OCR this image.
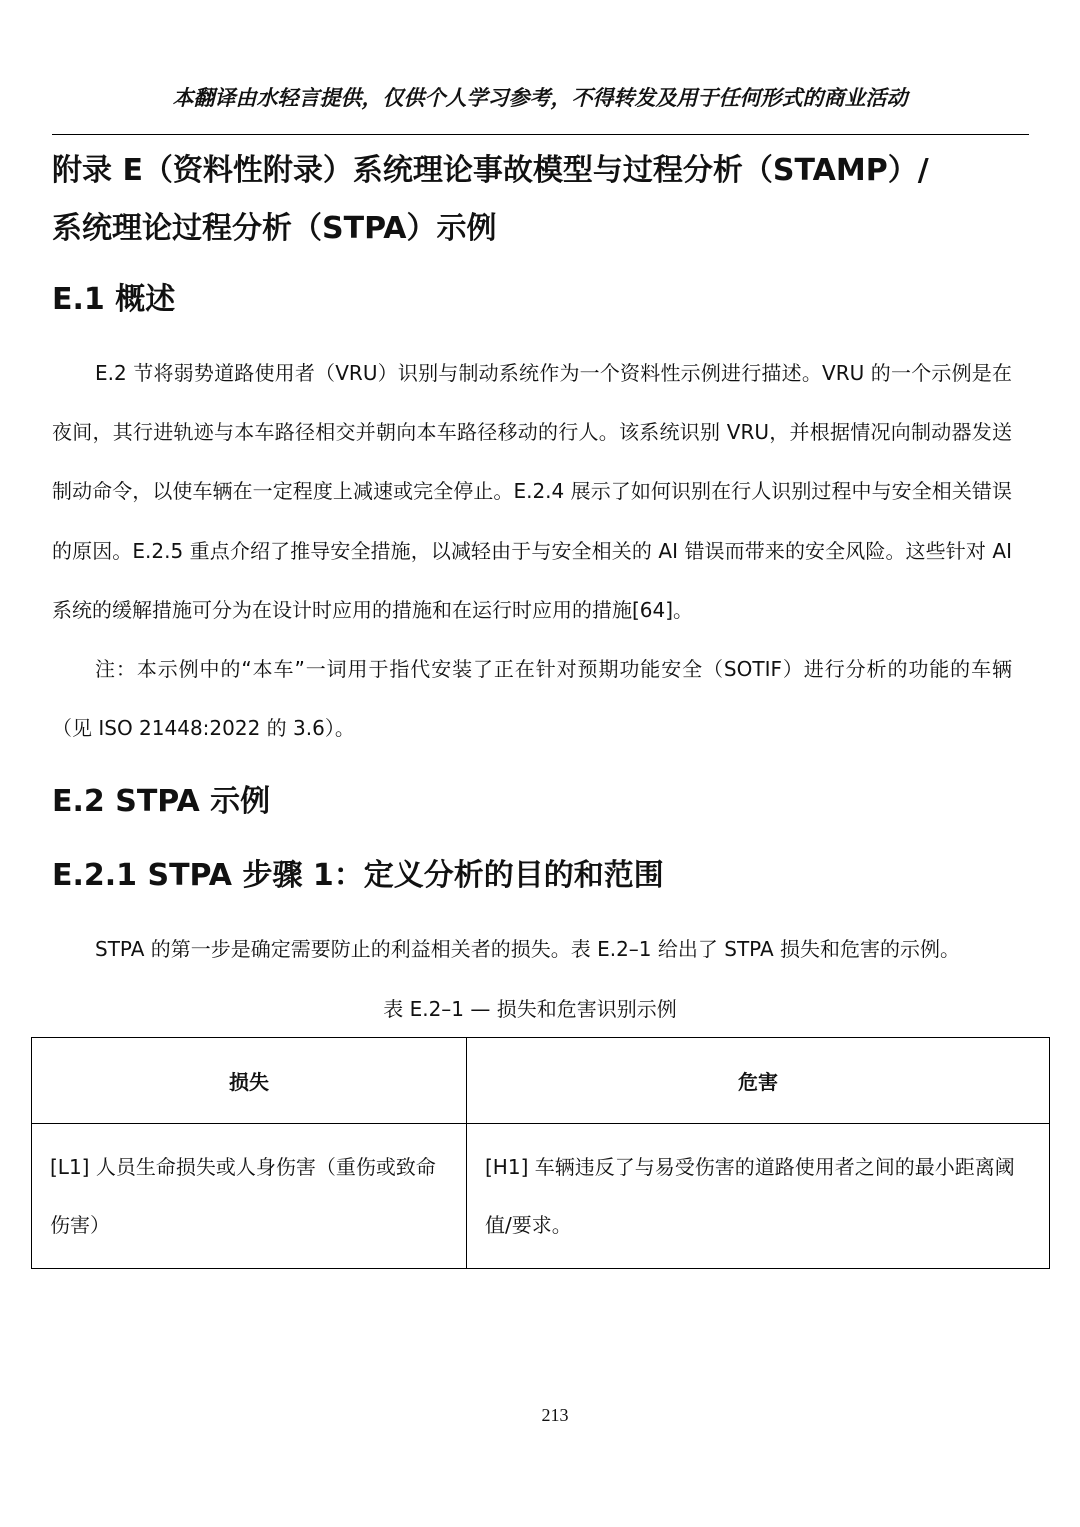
本翻译由水轻言提供，仅供个人学习参考，不得转发及用于任何形式的商业活动
附录 E（资料性附录）系统理论事故模型与过程分析（STAMP）/
系统理论过程分析（STPA）示例
E.1 概述

E.2 节将弱势道路使用者（VRU）识别与制动系统作为一个资料性示例进行描述。VRU 的一个示例是在夜间，其行进轨迹与本车路径相交并朝向本车路径移动的行人。该系统识别 VRU，并根据情况向制动器发送制动命令，以使车辆在一定程度上减速或完全停止。E.2.4 展示了如何识别在行人识别过程中与安全相关错误的原因。E.2.5 重点介绍了推导安全措施，以减轻由于与安全相关的 AI 错误而带来的安全风险。这些针对 AI 系统的缓解措施可分为在设计时应用的措施和在运行时应用的措施[64]。

注：本示例中的“本车”一词用于指代安装了正在针对预期功能安全（SOTIF）进行分析的功能的车辆（见 ISO 21448:2022 的 3.6）。

E.2 STPA 示例
E.2.1 STPA 步骤 1：定义分析的目的和范围

STPA 的第一步是确定需要防止的利益相关者的损失。表 E.2–1 给出了 STPA 损失和危害的示例。

表 E.2–1 — 损失和危害识别示例
损失	危害
[L1] 人员生命损失或人身伤害（重伤或致命伤害）	[H1] 车辆违反了与易受伤害的道路使用者之间的最小距离阈值/要求。
213
